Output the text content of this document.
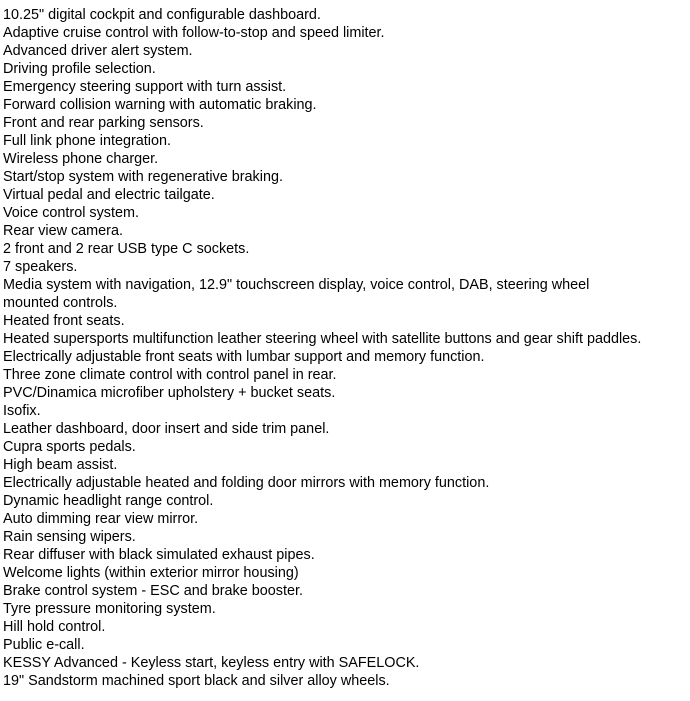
10.25" digital cockpit and configurable dashboard.
Adaptive cruise control with follow-to-stop and speed limiter.
Advanced driver alert system.
Driving profile selection.
Emergency steering support with turn assist.
Forward collision warning with automatic braking.
Front and rear parking sensors.
Full link phone integration.
Wireless phone charger.
Start/stop system with regenerative braking.
Virtual pedal and electric tailgate.
Voice control system.
Rear view camera.
2 front and 2 rear USB type C sockets.
7 speakers.
Media system with navigation, 12.9" touchscreen display, voice control, DAB, steering wheel mounted controls.
Heated front seats.
Heated supersports multifunction leather steering wheel with satellite buttons and gear shift paddles.
Electrically adjustable front seats with lumbar support and memory function.
Three zone climate control with control panel in rear.
PVC/Dinamica microfiber upholstery + bucket seats.
Isofix.
Leather dashboard, door insert and side trim panel.
Cupra sports pedals.
High beam assist.
Electrically adjustable heated and folding door mirrors with memory function.
Dynamic headlight range control.
Auto dimming rear view mirror.
Rain sensing wipers.
Rear diffuser with black simulated exhaust pipes.
Welcome lights (within exterior mirror housing)
Brake control system - ESC and brake booster.
Tyre pressure monitoring system.
Hill hold control.
Public e-call.
KESSY Advanced - Keyless start, keyless entry with SAFELOCK.
19" Sandstorm machined sport black and silver alloy wheels.
